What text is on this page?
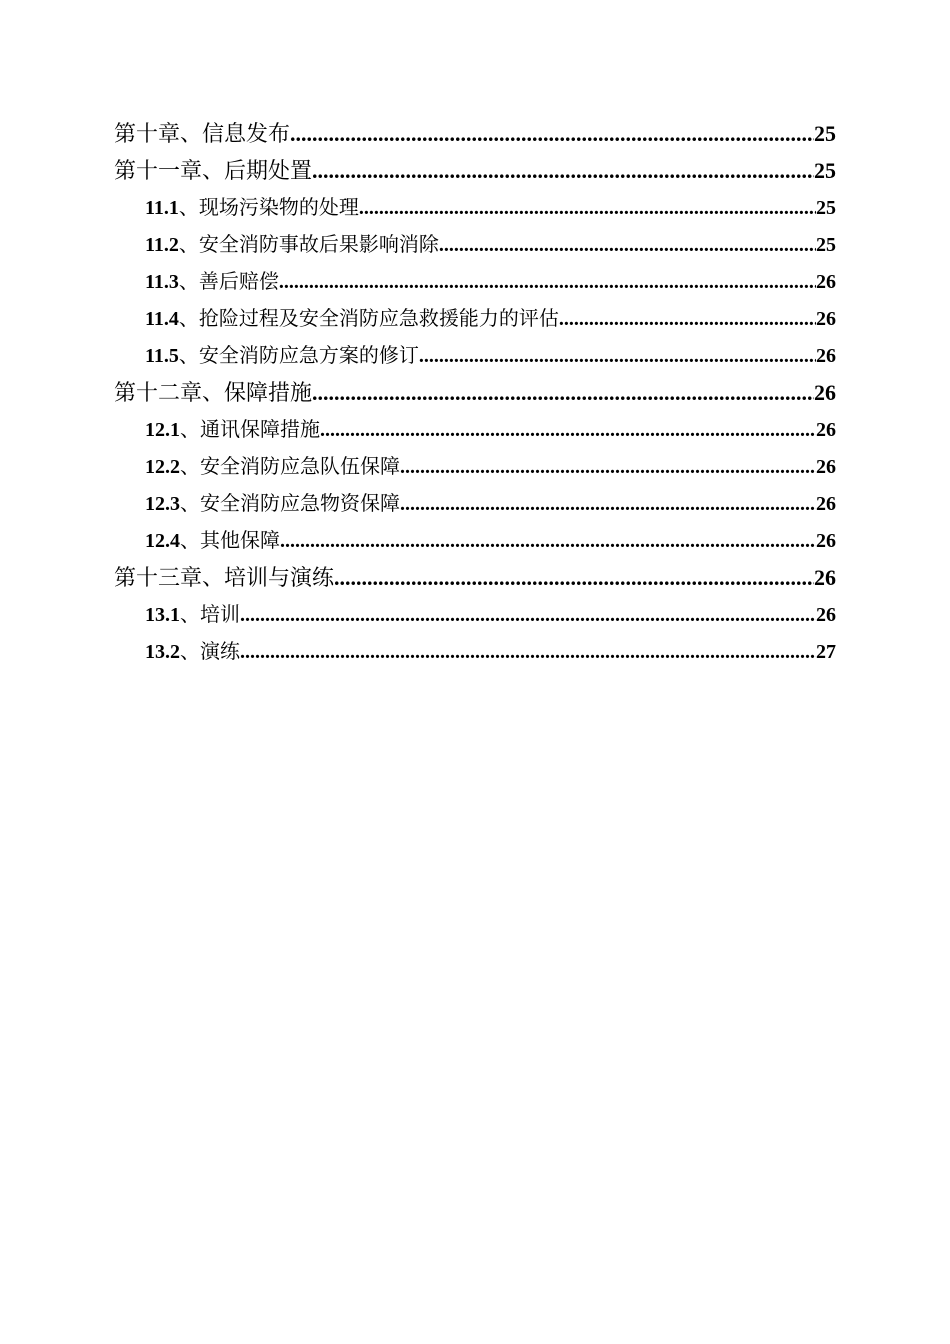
第十章、信息发布 .....	25
第十一章、后期处置 .....	25
11.1、现场污染物的处理 .....	25
11.2、安全消防事故后果影响消除 .....	25
11.3、善后赔偿 .....	26
11.4、抢险过程及安全消防应急救援能力的评估 .....	26
11.5、安全消防应急方案的修订 .....	26
第十二章、保障措施 .....	26
12.1、通讯保障措施 .....	26
12.2、安全消防应急队伍保障 .....	26
12.3、安全消防应急物资保障 .....	26
12.4、其他保障 .....	26
第十三章、培训与演练 .....	26
13.1、培训 .....	26
13.2、演练 .....	27
